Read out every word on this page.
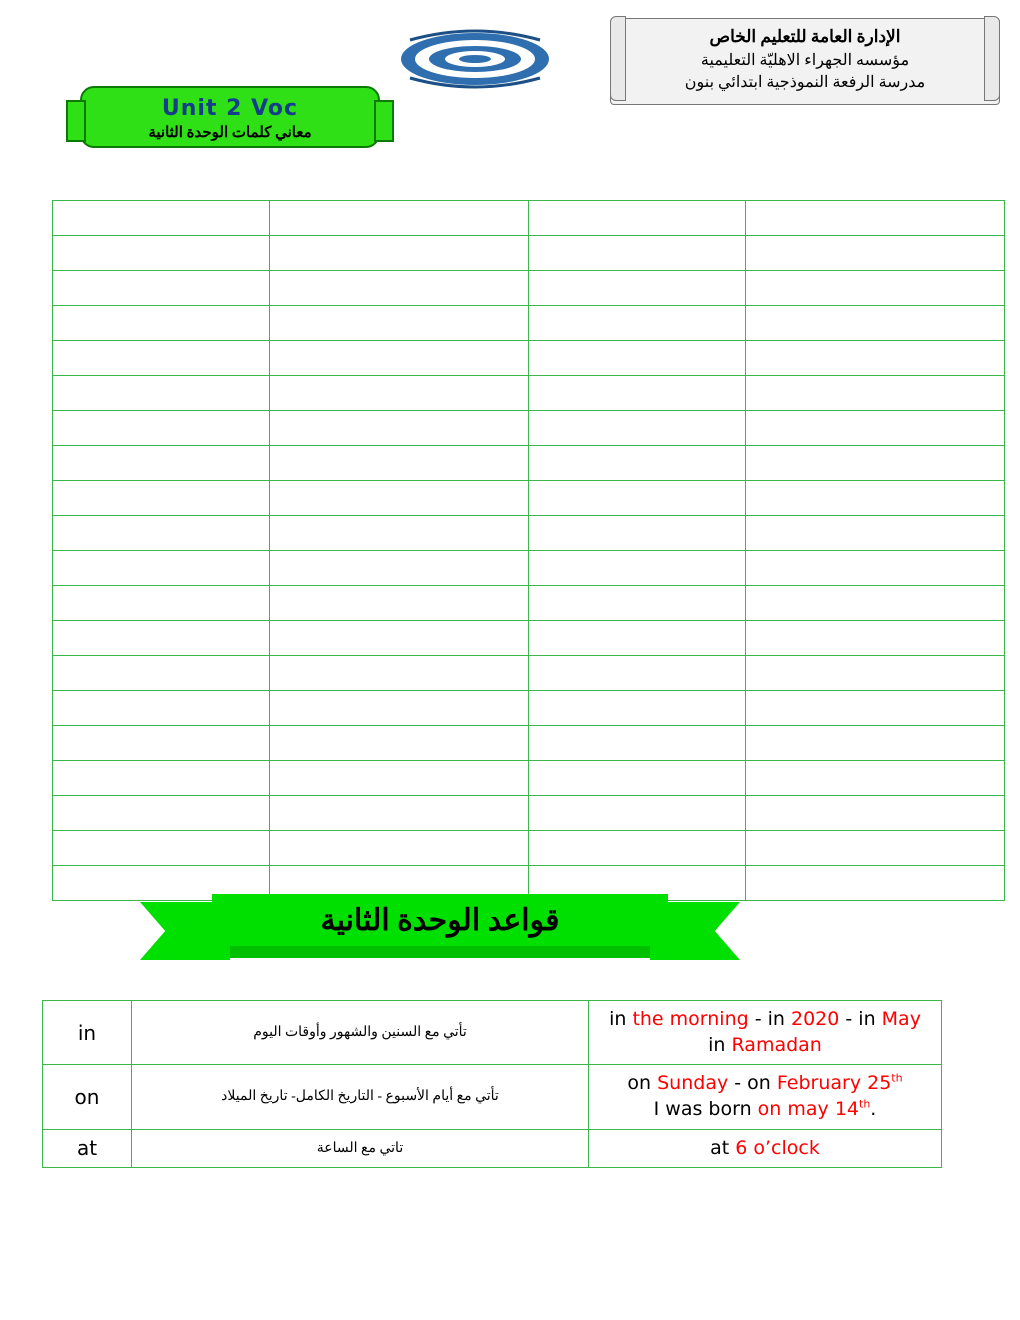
الإدارة العامة للتعليم الخاص
مؤسسه الجهراء الاهليّة التعليمية
مدرسة الرفعة النموذجية ابتدائي بنون
Unit 2 Voc
معاني كلمات الوحدة الثانية

قواعد الوحدة الثانية
in	تأتي مع السنين والشهور وأوقات اليوم	in the morning - in 2020 - in May
in Ramadan
on	تأتي مع أيام الأسبوع - التاريخ الكامل- تاريخ الميلاد	on Sunday - on February 25th
I was born on may 14th.
at	تاتي مع الساعة	at 6 o’clock
